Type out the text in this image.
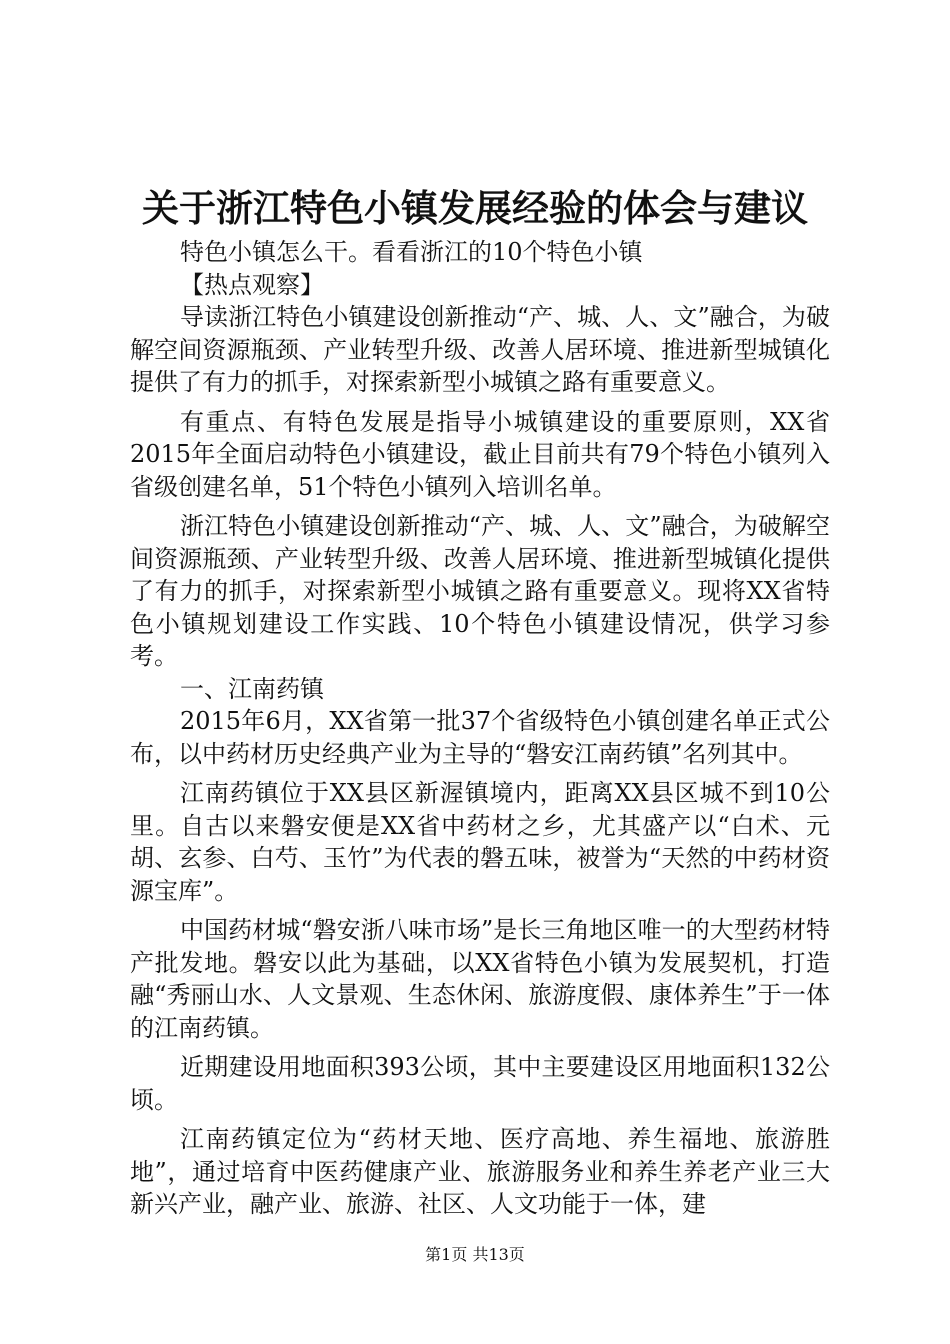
关于浙江特色小镇发展经验的体会与建议

特色小镇怎么干。看看浙江的10个特色小镇

【热点观察】

导读浙江特色小镇建设创新推动“产、城、人、文”融合，为破解空间资源瓶颈、产业转型升级、改善人居环境、推进新型城镇化提供了有力的抓手，对探索新型小城镇之路有重要意义。

有重点、有特色发展是指导小城镇建设的重要原则，XX省2015年全面启动特色小镇建设，截止目前共有79个特色小镇列入省级创建名单，51个特色小镇列入培训名单。

浙江特色小镇建设创新推动“产、城、人、文”融合，为破解空间资源瓶颈、产业转型升级、改善人居环境、推进新型城镇化提供了有力的抓手，对探索新型小城镇之路有重要意义。现将XX省特色小镇规划建设工作实践、10个特色小镇建设情况，供学习参考。

一、江南药镇

2015年6月，XX省第一批37个省级特色小镇创建名单正式公布，以中药材历史经典产业为主导的“磐安江南药镇”名列其中。

江南药镇位于XX县区新渥镇境内，距离XX县区城不到10公里。自古以来磐安便是XX省中药材之乡，尤其盛产以“白术、元胡、玄参、白芍、玉竹”为代表的磐五味，被誉为“天然的中药材资源宝库”。

中国药材城“磐安浙八味市场”是长三角地区唯一的大型药材特产批发地。磐安以此为基础，以XX省特色小镇为发展契机，打造融“秀丽山水、人文景观、生态休闲、旅游度假、康体养生”于一体的江南药镇。

近期建设用地面积393公顷，其中主要建设区用地面积132公顷。

江南药镇定位为“药材天地、医疗高地、养生福地、旅游胜地”，通过培育中医药健康产业、旅游服务业和养生养老产业三大新兴产业，融产业、旅游、社区、人文功能于一体，建

第1页 共13页
